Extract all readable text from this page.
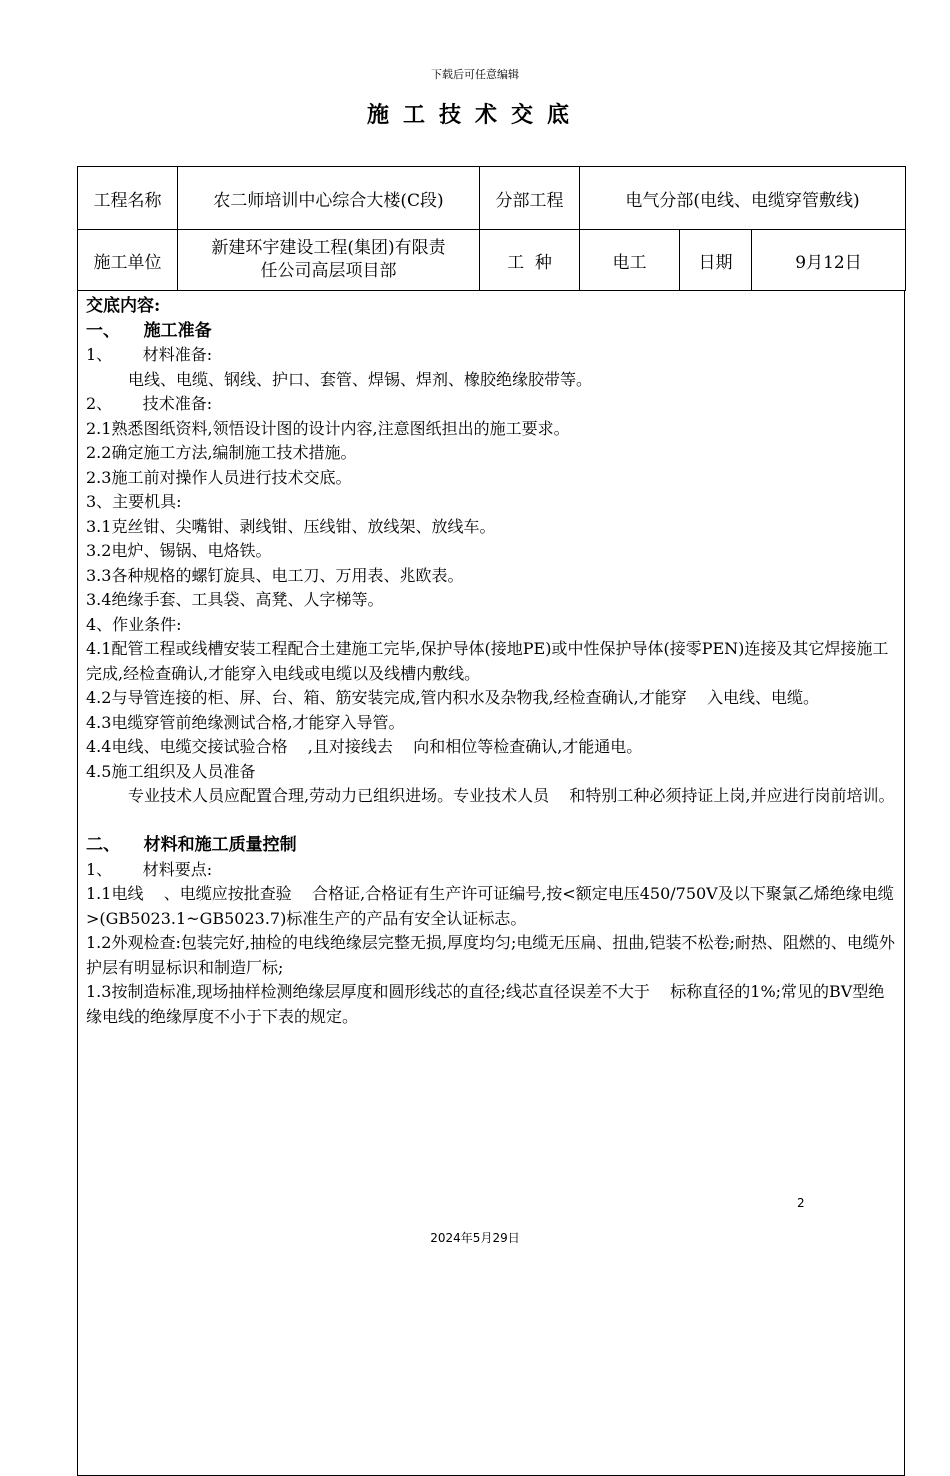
下载后可任意编辑
施工技术交底
工程名称	农二师培训中心综合大楼(C段)	分部工程	电气分部(电线、电缆穿管敷线)		
施工单位	新建环宇建设工程(集团)有限责任公司高层项目部	工  种	电工	日期	9月12日

交底内容:

一、    施工准备

1、      材料准备:

电线、电缆、钢线、护口、套管、焊锡、焊剂、橡胶绝缘胶带等。

2、      技术准备:

2.1熟悉图纸资料,领悟设计图的设计内容,注意图纸担出的施工要求。

2.2确定施工方法,编制施工技术措施。

2.3施工前对操作人员进行技术交底。

3、主要机具:

3.1克丝钳、尖嘴钳、剥线钳、压线钳、放线架、放线车。

3.2电炉、锡锅、电烙铁。

3.3各种规格的螺钉旋具、电工刀、万用表、兆欧表。

3.4绝缘手套、工具袋、高凳、人字梯等。

4、作业条件:

4.1配管工程或线槽安装工程配合土建施工完毕,保护导体(接地PE)或中性保护导体(接零PEN)连接及其它焊接施工完成,经检查确认,才能穿入电线或电缆以及线槽内敷线。

4.2与导管连接的柜、屏、台、箱、筋安装完成,管内积水及杂物我,经检查确认,才能穿    入电线、电缆。

4.3电缆穿管前绝缘测试合格,才能穿入导管。

4.4电线、电缆交接试验合格    ,且对接线去    向和相位等检查确认,才能通电。

4.5施工组织及人员准备

专业技术人员应配置合理,劳动力已组织进场。专业技术人员    和特别工种必须持证上岗,并应进行岗前培训。

二、    材料和施工质量控制

1、      材料要点:

1.1电线    、电缆应按批查验    合格证,合格证有生产许可证编号,按<额定电压450/750V及以下聚氯乙烯绝缘电缆>(GB5023.1~GB5023.7)标准生产的产品有安全认证标志。

1.2外观检查:包装完好,抽检的电线绝缘层完整无损,厚度均匀;电缆无压扁、扭曲,铠装不松卷;耐热、阻燃的、电缆外护层有明显标识和制造厂标;

1.3按制造标准,现场抽样检测绝缘层厚度和圆形线芯的直径;线芯直径误差不大于    标称直径的1%;常见的BV型绝缘电线的绝缘厚度不小于下表的规定。

2
2024年5月29日
